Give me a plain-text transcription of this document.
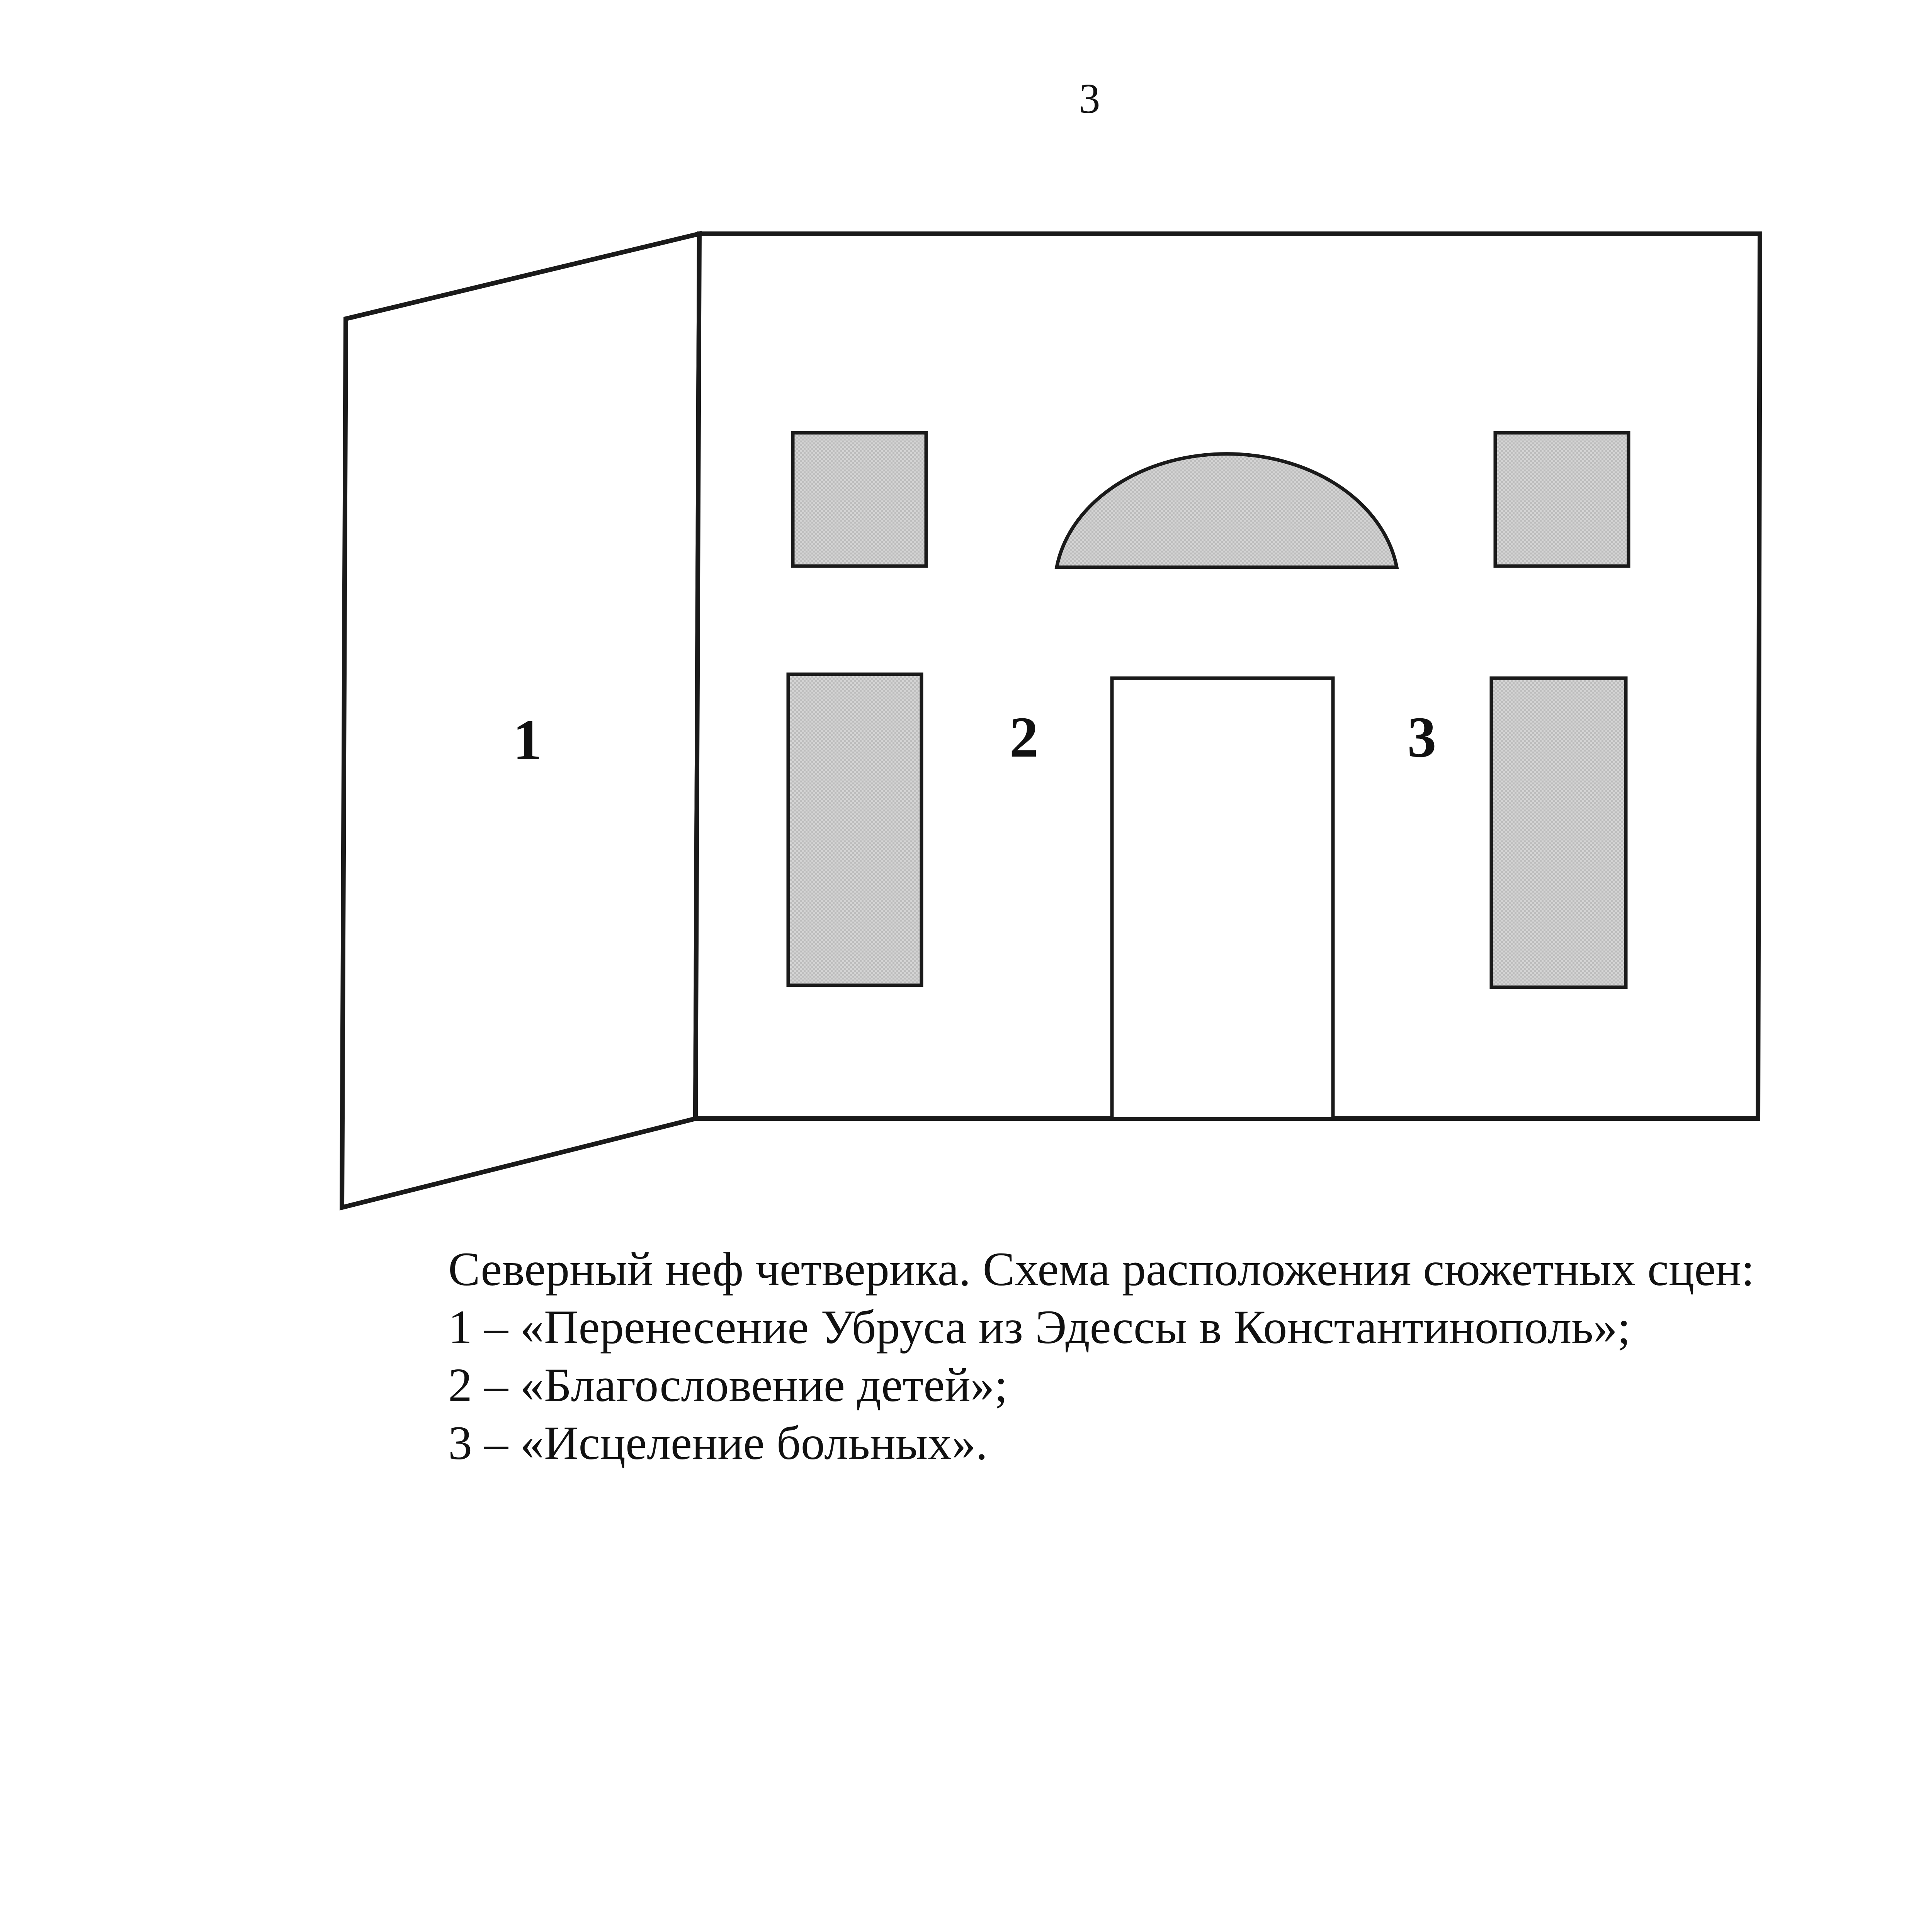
3
1	2	3
Северный неф четверика. Схема расположения сюжетных сцен:
1 – «Перенесение Убруса из Эдессы в Константинополь»;
2 – «Благословение детей»;
3 – «Исцеление больных».
